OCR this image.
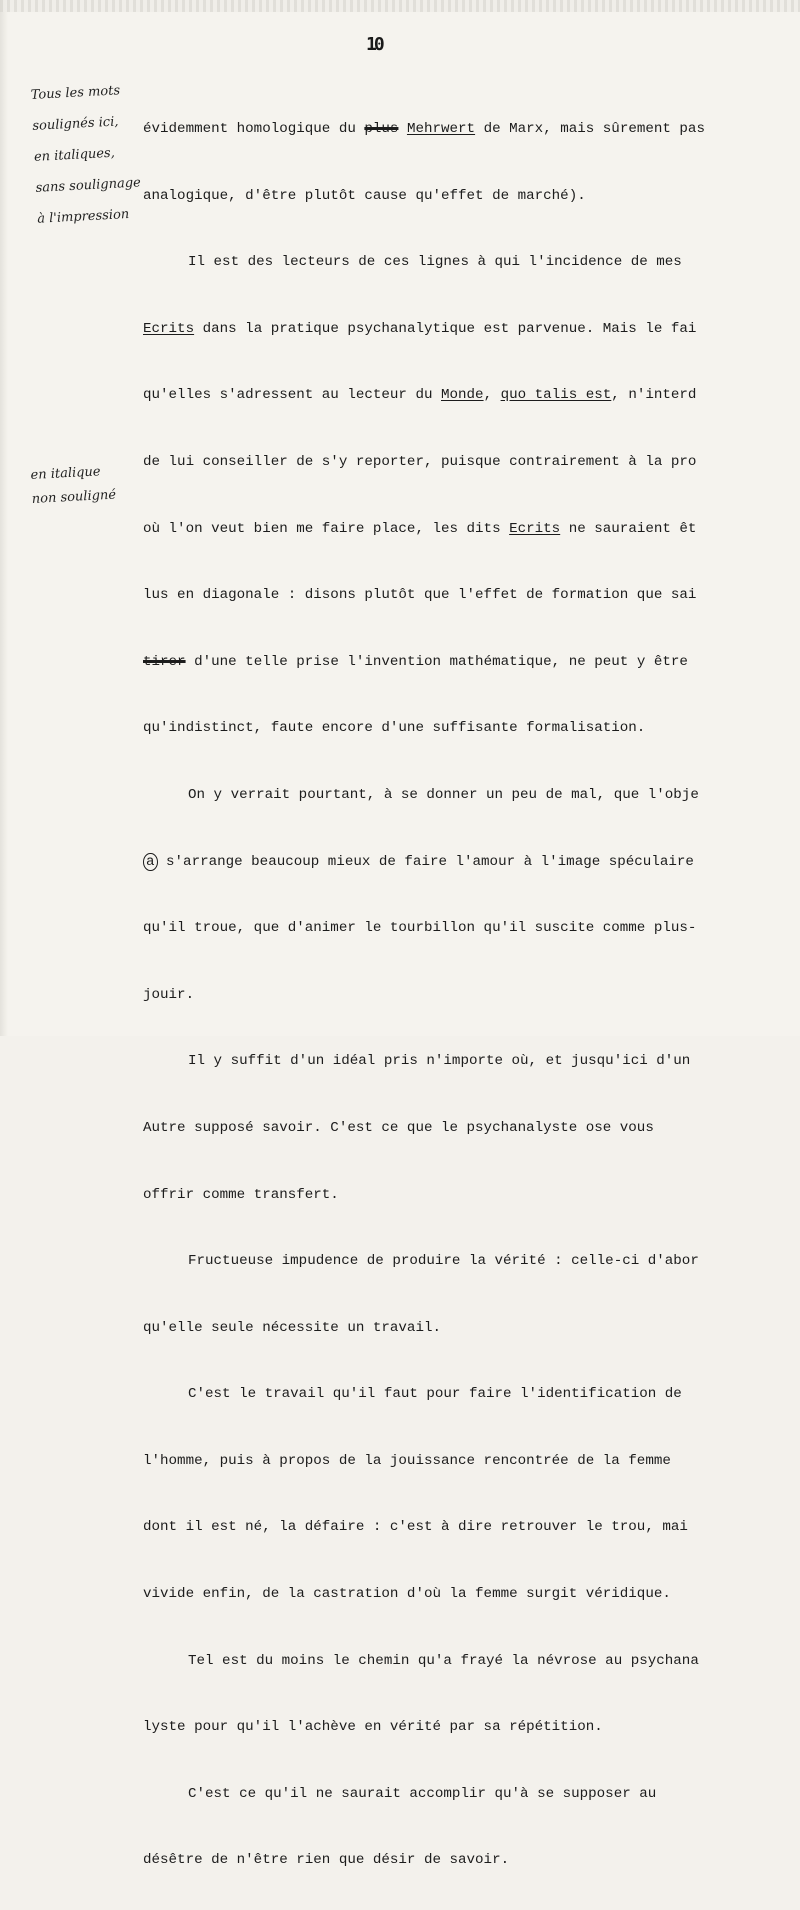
10
Tous les mots
soulignés ici,
en italiques,
sans soulignage
à l'impression
en italique
non souligné

évidemment homologique du plus Mehrwert de Marx, mais sûrement pas

analogique, d'être plutôt cause qu'effet de marché).

Il est des lecteurs de ces lignes à qui l'incidence de mes

Ecrits dans la pratique psychanalytique est parvenue. Mais le fai

qu'elles s'adressent au lecteur du Monde, quo talis est, n'interd

de lui conseiller de s'y reporter, puisque contrairement à la pro

où l'on veut bien me faire place, les dits Ecrits ne sauraient êt

lus en diagonale : disons plutôt que l'effet de formation que sai

tirer d'une telle prise l'invention mathématique, ne peut y être

qu'indistinct, faute encore d'une suffisante formalisation.

On y verrait pourtant, à se donner un peu de mal, que l'obje

a s'arrange beaucoup mieux de faire l'amour à l'image spéculaire

qu'il troue, que d'animer le tourbillon qu'il suscite comme plus-

jouir.

Il y suffit d'un idéal pris n'importe où, et jusqu'ici d'un

Autre supposé savoir. C'est ce que le psychanalyste ose vous

offrir comme transfert.

Fructueuse impudence de produire la vérité : celle-ci d'abor

qu'elle seule nécessite un travail.

C'est le travail qu'il faut pour faire l'identification de

l'homme, puis à propos de la jouissance rencontrée de la femme

dont il est né, la défaire : c'est à dire retrouver le trou, mai

vivide enfin, de la castration d'où la femme surgit véridique.

Tel est du moins le chemin qu'a frayé la névrose au psychana

lyste pour qu'il l'achève en vérité par sa répétition.

C'est ce qu'il ne saurait accomplir qu'à se supposer au

désêtre de n'être rien que désir de savoir.
